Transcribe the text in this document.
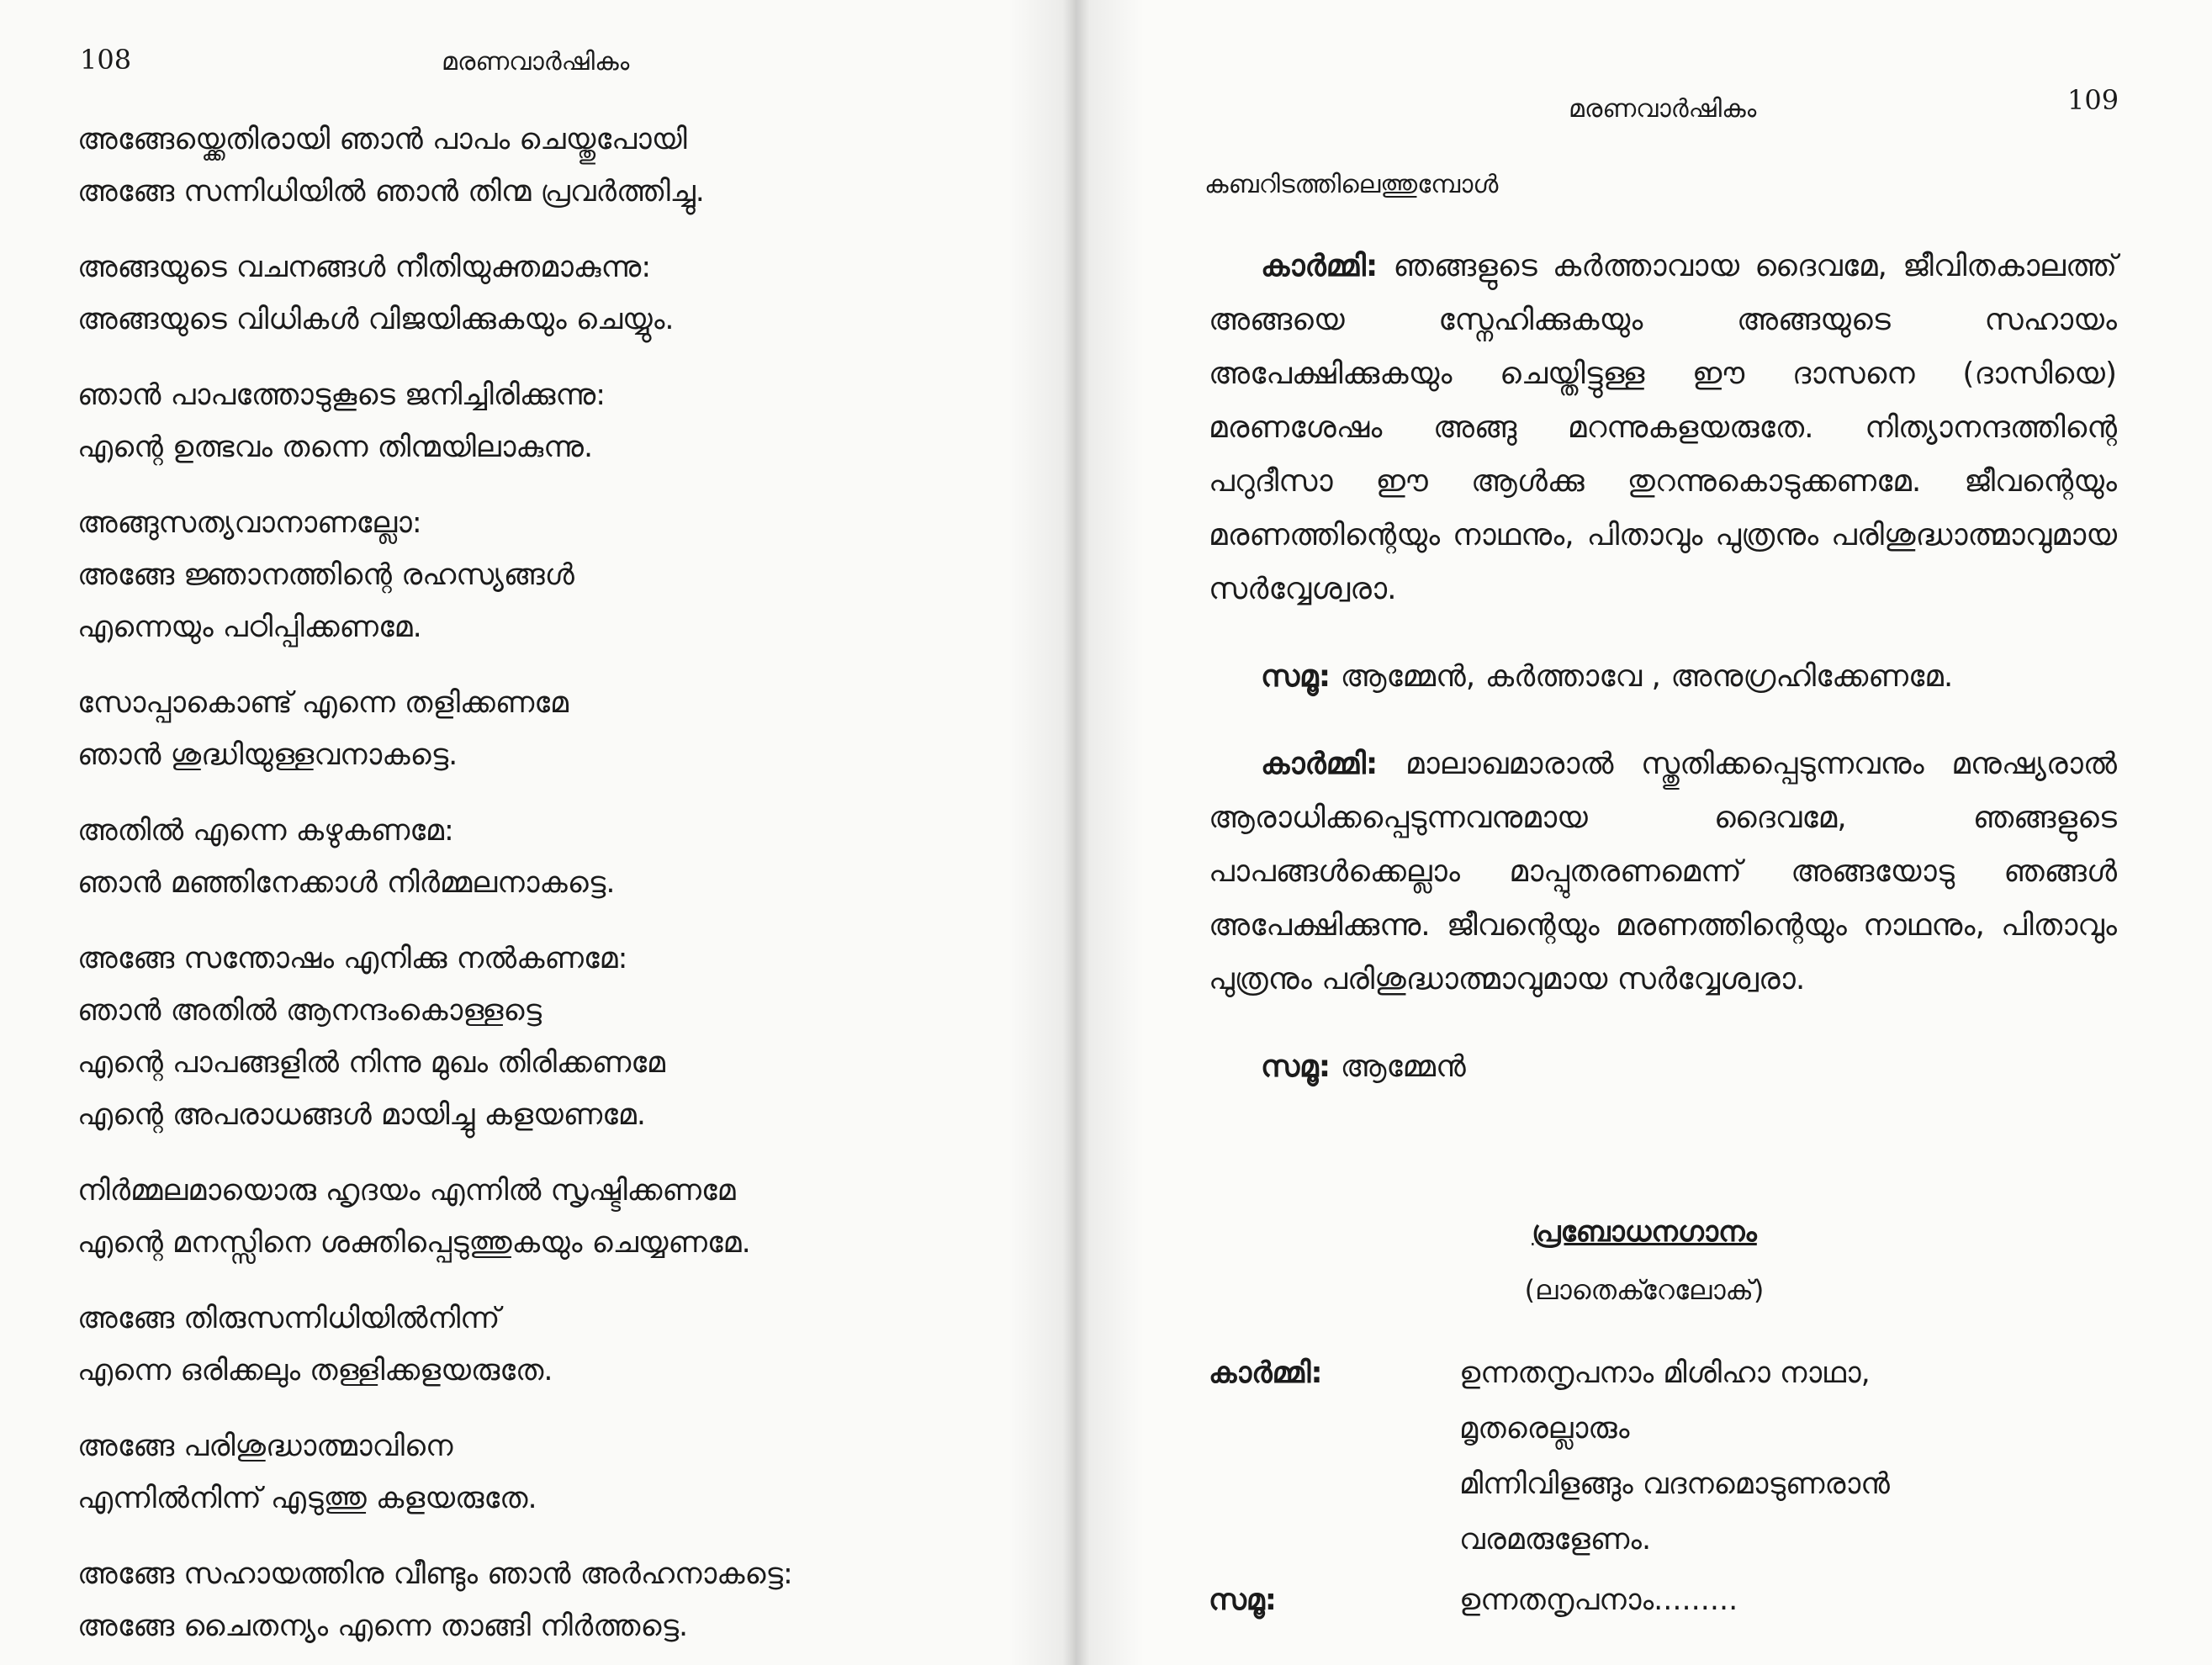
108	മരണവാർഷികം
അങ്ങേയ്ക്കെതിരായി ഞാൻ പാപം ചെയ്തുപോയി
അങ്ങേ സന്നിധിയിൽ ഞാൻ തിന്മ പ്രവർത്തിച്ചു.
അങ്ങയുടെ വചനങ്ങൾ നീതിയുക്തമാകുന്നു:
അങ്ങയുടെ വിധികൾ വിജയിക്കുകയും ചെയ്യും.
ഞാൻ പാപത്തോടുകൂടെ ജനിച്ചിരിക്കുന്നു:
എന്റെ ഉത്ഭവം തന്നെ തിന്മയിലാകുന്നു.
അങ്ങുസത്യവാനാണല്ലോ:
അങ്ങേ ജ്ഞാനത്തിന്റെ രഹസ്യങ്ങൾ
എന്നെയും പഠിപ്പിക്കണമേ.
സോപ്പാകൊണ്ട് എന്നെ തളിക്കണമേ
ഞാൻ ശുദ്ധിയുള്ളവനാകട്ടെ.
അതിൽ എന്നെ കഴുകണമേ:
ഞാൻ മഞ്ഞിനേക്കാൾ നിർമ്മലനാകട്ടെ.
അങ്ങേ സന്തോഷം എനിക്കു നൽകണമേ:
ഞാൻ അതിൽ ആനന്ദംകൊള്ളട്ടെ
എന്റെ പാപങ്ങളിൽ നിന്നു മുഖം തിരിക്കണമേ
എന്റെ അപരാധങ്ങൾ മായിച്ചു കളയണമേ.
നിർമ്മലമായൊരു ഹൃദയം എന്നിൽ സൃഷ്ടിക്കണമേ
എന്റെ മനസ്സിനെ ശക്തിപ്പെടുത്തുകയും ചെയ്യണമേ.
അങ്ങേ തിരുസന്നിധിയിൽനിന്ന്
എന്നെ ഒരിക്കലും തള്ളിക്കളയരുതേ.
അങ്ങേ പരിശുദ്ധാത്മാവിനെ
എന്നിൽനിന്ന് എടുത്തു കളയരുതേ.
അങ്ങേ സഹായത്തിനു വീണ്ടും ഞാൻ അർഹനാകട്ടെ:
അങ്ങേ ചൈതന്യം എന്നെ താങ്ങി നിർത്തട്ടെ.
മരണവാർഷികം	109
കബറിടത്തിലെത്തുമ്പോൾ
കാർമ്മി: ഞങ്ങളുടെ കർത്താവായ ദൈവമേ, ജീവിതകാലത്ത് അങ്ങയെ സ്നേഹിക്കുകയും അങ്ങയുടെ സഹായം അപേക്ഷിക്കുകയും ചെയ്തിട്ടുള്ള ഈ ദാസനെ (ദാസിയെ) മരണശേഷം അങ്ങു മറന്നുകളയരുതേ. നിത്യാനന്ദത്തിന്റെ പറുദീസാ ഈ ആൾക്കു തുറന്നുകൊടുക്കണമേ. ജീവന്റെയും മരണത്തിന്റെയും നാഥനും, പിതാവും പുത്രനും പരിശുദ്ധാത്മാവുമായ സർവ്വേശ്വരാ.
സമൂ: ആമ്മേൻ, കർത്താവേ , അനുഗ്രഹിക്കേണമേ.
കാർമ്മി: മാലാഖമാരാൽ സ്തുതിക്കപ്പെടുന്നവനും മനുഷ്യരാൽ ആരാധിക്കപ്പെടുന്നവനുമായ ദൈവമേ, ഞങ്ങളുടെ പാപങ്ങൾക്കെല്ലാം മാപ്പുതരണമെന്ന് അങ്ങയോടു ഞങ്ങൾ അപേക്ഷിക്കുന്നു. ജീവന്റെയും മരണത്തിന്റെയും നാഥനും, പിതാവും പുത്രനും പരിശുദ്ധാത്മാവുമായ സർവ്വേശ്വരാ.
സമൂ: ആമ്മേൻ
പ്രബോധനഗാനം
(ലാതെക്റേലോക്)
കാർമ്മി:	ഉന്നതനൃപനാം മിശിഹാ നാഥാ,
മൃതരെല്ലാരും
മിന്നിവിളങ്ങും വദനമൊടുണരാൻ
വരമരുളേണം.
സമൂ:	ഉന്നതനൃപനാം.........
